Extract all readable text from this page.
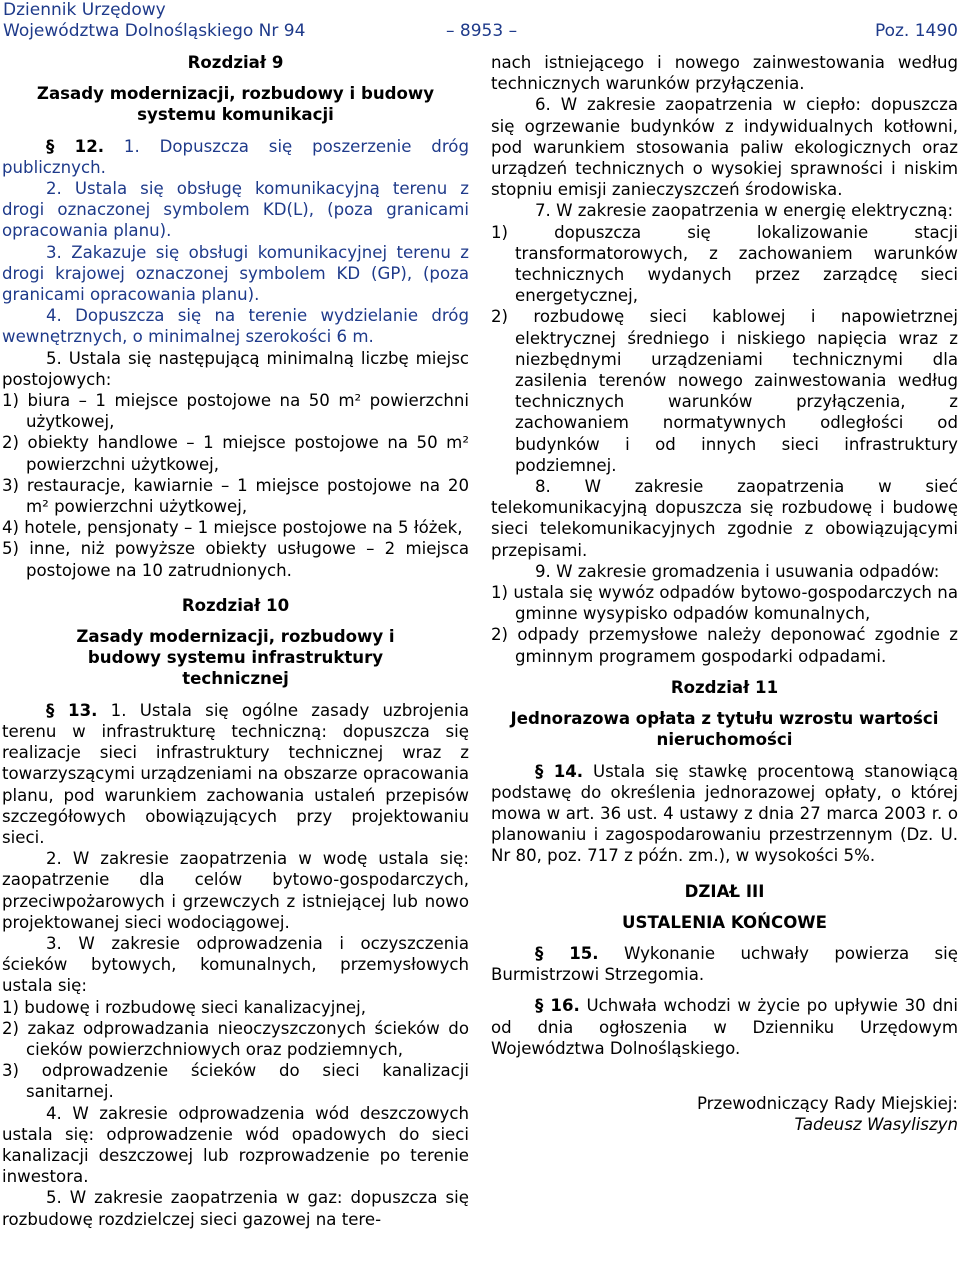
Dziennik Urzędowy
Województwa Dolnośląskiego Nr 94	– 8953 –	Poz. 1490

Rozdział 9

Zasady modernizacji, rozbudowy i budowy systemu komunikacji

§ 12. 1. Dopuszcza się poszerzenie dróg publicznych.

2. Ustala się obsługę komunikacyjną terenu z drogi oznaczonej symbolem KD(L), (poza granicami opracowania planu).

3. Zakazuje się obsługi komunikacyjnej terenu z drogi krajowej oznaczonej symbolem KD (GP), (poza granicami opracowania planu).

4. Dopuszcza się na terenie wydzielanie dróg wewnętrznych, o minimalnej szerokości 6 m.

5. Ustala się następującą minimalną liczbę miejsc postojowych:

1) biura – 1 miejsce postojowe na 50 m² powierzchni użytkowej,

2) obiekty handlowe – 1 miejsce postojowe na 50 m² powierzchni użytkowej,

3) restauracje, kawiarnie – 1 miejsce postojowe na 20 m² powierzchni użytkowej,

4) hotele, pensjonaty – 1 miejsce postojowe na 5 łóżek,

5) inne, niż powyższe obiekty usługowe – 2 miejsca postojowe na 10 zatrudnionych.

Rozdział 10

Zasady modernizacji, rozbudowy i budowy systemu infrastruktury technicznej

§ 13. 1. Ustala się ogólne zasady uzbrojenia terenu w infrastrukturę techniczną: dopuszcza się realizacje sieci infrastruktury technicznej wraz z towarzyszącymi urządzeniami na obszarze opracowania planu, pod warunkiem zachowania ustaleń przepisów szczegółowych obowiązujących przy projektowaniu sieci.

2. W zakresie zaopatrzenia w wodę ustala się: zaopatrzenie dla celów bytowo-gospodarczych, przeciwpożarowych i grzewczych z istniejącej lub nowo projektowanej sieci wodociągowej.

3. W zakresie odprowadzenia i oczyszczenia ścieków bytowych, komunalnych, przemysłowych ustala się:

1) budowę i rozbudowę sieci kanalizacyjnej,

2) zakaz odprowadzania nieoczyszczonych ścieków do cieków powierzchniowych oraz podziemnych,

3) odprowadzenie ścieków do sieci kanalizacji sanitarnej.

4. W zakresie odprowadzenia wód deszczowych ustala się: odprowadzenie wód opadowych do sieci kanalizacji deszczowej lub rozprowadzenie po terenie inwestora.

5. W zakresie zaopatrzenia w gaz: dopuszcza się rozbudowę rozdzielczej sieci gazowej na tere-

nach istniejącego i nowego zainwestowania według technicznych warunków przyłączenia.

6. W zakresie zaopatrzenia w ciepło: dopuszcza się ogrzewanie budynków z indywidualnych kotłowni, pod warunkiem stosowania paliw ekologicznych oraz urządzeń technicznych o wysokiej sprawności i niskim stopniu emisji zanieczyszczeń środowiska.

7. W zakresie zaopatrzenia w energię elektryczną:

1) dopuszcza się lokalizowanie stacji transformatorowych, z zachowaniem warunków technicznych wydanych przez zarządcę sieci energetycznej,

2) rozbudowę sieci kablowej i napowietrznej elektrycznej średniego i niskiego napięcia wraz z niezbędnymi urządzeniami technicznymi dla zasilenia terenów nowego zainwestowania według technicznych warunków przyłączenia, z zachowaniem normatywnych odległości od budynków i od innych sieci infrastruktury podziemnej.

8. W zakresie zaopatrzenia w sieć telekomunikacyjną dopuszcza się rozbudowę i budowę sieci telekomunikacyjnych zgodnie z obowiązującymi przepisami.

9. W zakresie gromadzenia i usuwania odpadów:

1) ustala się wywóz odpadów bytowo-gospodarczych na gminne wysypisko odpadów komunalnych,

2) odpady przemysłowe należy deponować zgodnie z gminnym programem gospodarki odpadami.

Rozdział 11

Jednorazowa opłata z tytułu wzrostu wartości nieruchomości

§ 14. Ustala się stawkę procentową stanowiącą podstawę do określenia jednorazowej opłaty, o której mowa w art. 36 ust. 4 ustawy z dnia 27 marca 2003 r. o planowaniu i zagospodarowaniu przestrzennym (Dz. U. Nr 80, poz. 717 z późn. zm.), w wysokości 5%.

DZIAŁ III

USTALENIA KOŃCOWE

§ 15. Wykonanie uchwały powierza się Burmistrzowi Strzegomia.

§ 16. Uchwała wchodzi w życie po upływie 30 dni od dnia ogłoszenia w Dzienniku Urzędowym Województwa Dolnośląskiego.

Przewodniczący Rady Miejskiej:

Tadeusz Wasyliszyn
